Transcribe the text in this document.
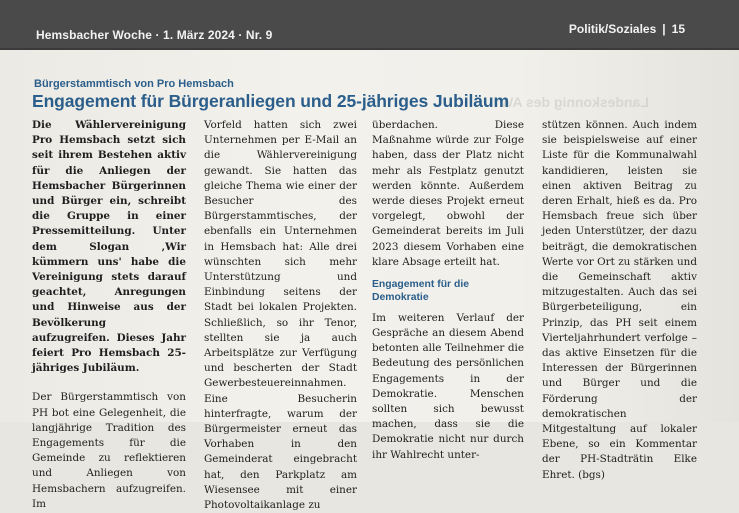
Hemsbacher Woche · 1. März 2024 · Nr. 9	Politik/Soziales | 15
Landeskonnig des AW
Bürgerstammtisch von Pro Hemsbach
Engagement für Bürgeranliegen und 25-jähriges Jubiläum

Die Wählervereinigung Pro Hemsbach setzt sich seit ihrem Bestehen aktiv für die Anliegen der Hemsbacher Bürgerinnen und Bürger ein, schreibt die Gruppe in einer Pressemitteilung. Unter dem Slogan ‚Wir kümmern uns' habe die Vereinigung stets darauf geachtet, Anregungen und Hinweise aus der Bevölkerung aufzugreifen. Dieses Jahr feiert Pro Hemsbach 25-jähriges Jubiläum.

Der Bürgerstammtisch von PH bot eine Gelegenheit, die langjährige Tradition des Engagements für die Gemeinde zu reflektieren und Anliegen von Hemsbachern aufzugreifen. Im

Vorfeld hatten sich zwei Unternehmen per E-Mail an die Wählervereinigung gewandt. Sie hatten das gleiche Thema wie einer der Besucher des Bürgerstammtisches, der ebenfalls ein Unternehmen in Hemsbach hat: Alle drei wünschten sich mehr Unterstützung und Einbindung seitens der Stadt bei lokalen Projekten. Schließlich, so ihr Tenor, stellten sie ja auch Arbeitsplätze zur Verfügung und bescherten der Stadt Gewerbesteuereinnahmen. Eine Besucherin hinterfragte, warum der Bürgermeister erneut das Vorhaben in den Gemeinderat eingebracht hat, den Parkplatz am Wiesensee mit einer Photovoltaikanlage zu

überdachen. Diese Maßnahme würde zur Folge haben, dass der Platz nicht mehr als Festplatz genutzt werden könnte. Außerdem werde dieses Projekt erneut vorgelegt, obwohl der Gemeinderat bereits im Juli 2023 diesem Vorhaben eine klare Absage erteilt hat.

Engagement für die Demokratie

Im weiteren Verlauf der Gespräche an diesem Abend betonten alle Teilnehmer die Bedeutung des persönlichen Engagements in der Demokratie. Menschen sollten sich bewusst machen, dass sie die Demokratie nicht nur durch ihr Wahlrecht unter-

stützen können. Auch indem sie beispielsweise auf einer Liste für die Kommunalwahl kandidieren, leisten sie einen aktiven Beitrag zu deren Erhalt, hieß es da. Pro Hemsbach freue sich über jeden Unterstützer, der dazu beiträgt, die demokratischen Werte vor Ort zu stärken und die Gemeinschaft aktiv mitzugestalten. Auch das sei Bürgerbeteiligung, ein Prinzip, das PH seit einem Vierteljahrhundert verfolge – das aktive Einsetzen für die Interessen der Bürgerinnen und Bürger und die Förderung der demokratischen Mitgestaltung auf lokaler Ebene, so ein Kommentar der PH-Stadträtin Elke Ehret. (bgs)
